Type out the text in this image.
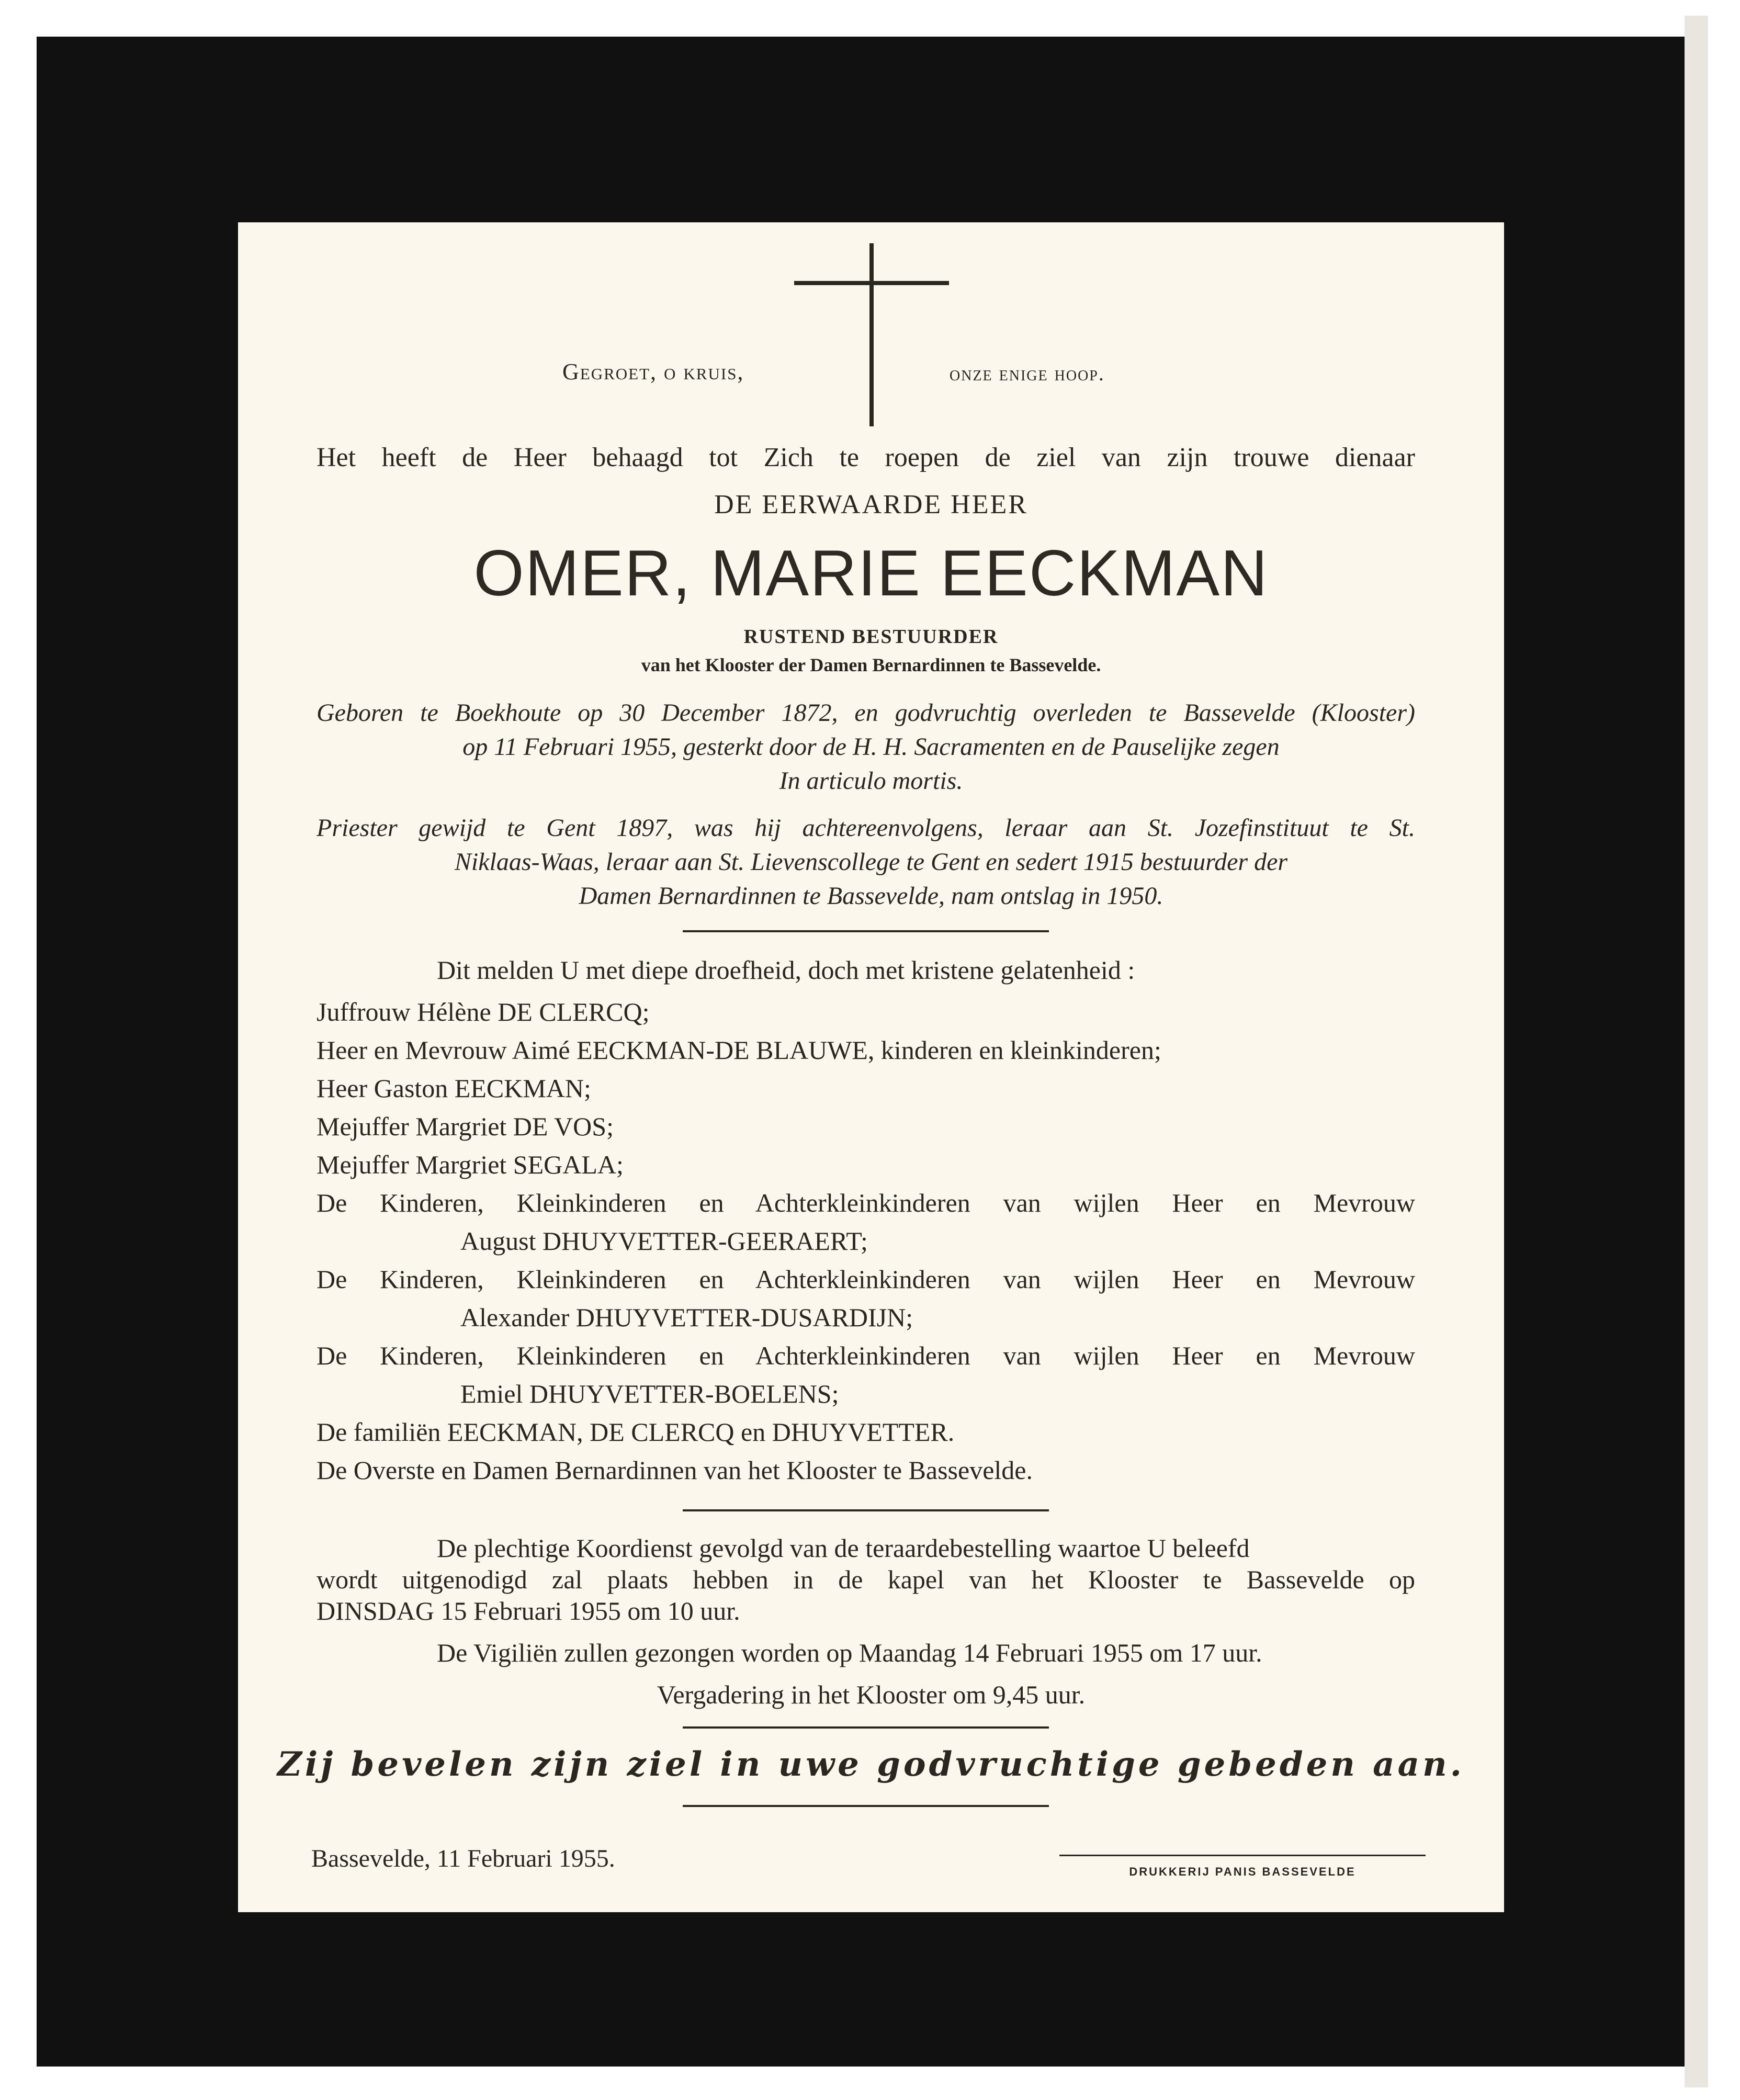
Gegroet, o kruis,	onze enige hoop.
Het heeft de Heer behaagd tot Zich te roepen de ziel van zijn trouwe dienaar
DE EERWAARDE HEER
OMER, MARIE EECKMAN
RUSTEND BESTUURDER
van het Klooster der Damen Bernardinnen te Bassevelde.
Geboren te Boekhoute op 30 December 1872, en godvruchtig overleden te Bassevelde (Klooster)
op 11 Februari 1955, gesterkt door de H. H. Sacramenten en de Pauselijke zegen
In articulo mortis.
Priester gewijd te Gent 1897, was hij achtereenvolgens, leraar aan St. Jozefinstituut te St.
Niklaas-Waas, leraar aan St. Lievenscollege te Gent en sedert 1915 bestuurder der
Damen Bernardinnen te Bassevelde, nam ontslag in 1950.
Dit melden U met diepe droefheid, doch met kristene gelatenheid :
Juffrouw Hélène DE CLERCQ;
Heer en Mevrouw Aimé EECKMAN-DE BLAUWE, kinderen en kleinkinderen;
Heer Gaston EECKMAN;
Mejuffer Margriet DE VOS;
Mejuffer Margriet SEGALA;
De Kinderen, Kleinkinderen en Achterkleinkinderen van wijlen Heer en Mevrouw
August DHUYVETTER-GEERAERT;
De Kinderen, Kleinkinderen en Achterkleinkinderen van wijlen Heer en Mevrouw
Alexander DHUYVETTER-DUSARDIJN;
De Kinderen, Kleinkinderen en Achterkleinkinderen van wijlen Heer en Mevrouw
Emiel DHUYVETTER-BOELENS;
De familiën EECKMAN, DE CLERCQ en DHUYVETTER.
De Overste en Damen Bernardinnen van het Klooster te Bassevelde.
De plechtige Koordienst gevolgd van de teraardebestelling waartoe U beleefd
wordt uitgenodigd zal plaats hebben in de kapel van het Klooster te Bassevelde op
DINSDAG 15 Februari 1955 om 10 uur.
De Vigiliën zullen gezongen worden op Maandag 14 Februari 1955 om 17 uur.
Vergadering in het Klooster om 9,45 uur.
Zij bevelen zijn ziel in uwe godvruchtige gebeden aan.
Bassevelde, 11 Februari 1955.	DRUKKERIJ PANIS BASSEVELDE
